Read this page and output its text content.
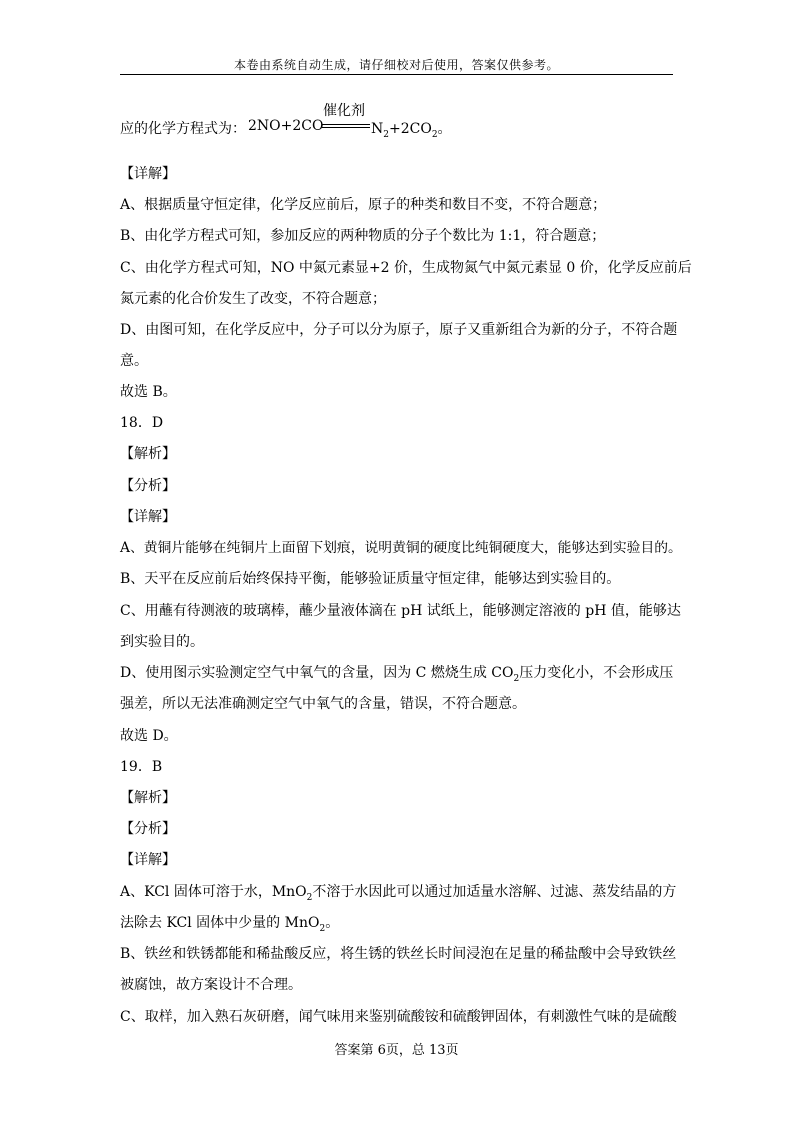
本卷由系统自动生成，请仔细校对后使用，答案仅供参考。
应的化学方程式为： 2NO+2CO
催化剂
$N_2+2CO_2$。
【详解】
A、根据质量守恒定律，化学反应前后，原子的种类和数目不变，不符合题意；
B、由化学方程式可知，参加反应的两种物质的分子个数比为 1:1，符合题意；
C、由化学方程式可知，NO 中氮元素显+2 价，生成物氮气中氮元素显 0 价，化学反应前后
氮元素的化合价发生了改变，不符合题意；
D、由图可知，在化学反应中，分子可以分为原子，原子又重新组合为新的分子，不符合题
意。
故选 B。
18．D
【解析】
【分析】
【详解】
A、黄铜片能够在纯铜片上面留下划痕，说明黄铜的硬度比纯铜硬度大，能够达到实验目的。
B、天平在反应前后始终保持平衡，能够验证质量守恒定律，能够达到实验目的。
C、用蘸有待测液的玻璃棒，蘸少量液体滴在 pH 试纸上，能够测定溶液的 pH 值，能够达
到实验目的。
D、使用图示实验测定空气中氧气的含量，因为 C 燃烧生成 $CO_2$压力变化小，不会形成压
强差，所以无法准确测定空气中氧气的含量，错误，不符合题意。
故选 D。
19．B
【解析】
【分析】
【详解】
A、KCl 固体可溶于水，MnO$_2$不溶于水因此可以通过加适量水溶解、过滤、蒸发结晶的方
法除去 KCl 固体中少量的 MnO$_2$。
B、铁丝和铁锈都能和稀盐酸反应，将生锈的铁丝长时间浸泡在足量的稀盐酸中会导致铁丝
被腐蚀，故方案设计不合理。
C、取样，加入熟石灰研磨，闻气味用来鉴别硫酸铵和硫酸钾固体，有刺激性气味的是硫酸
答案第 6页，总 13页
